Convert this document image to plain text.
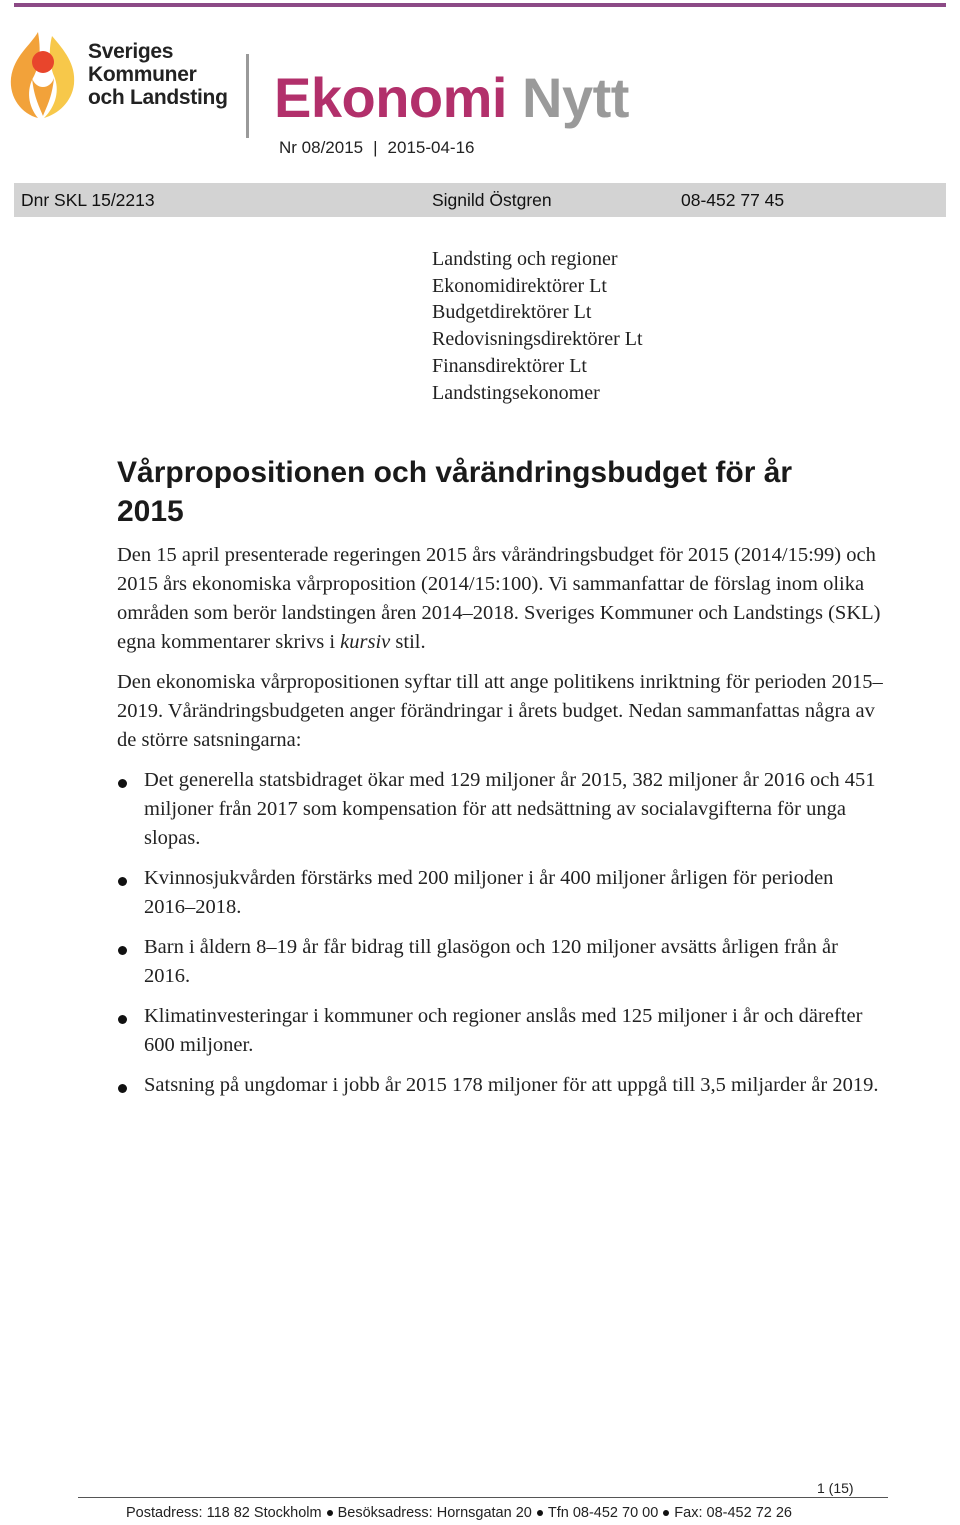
Sveriges
Kommuner
och Landsting Ekonomi Nytt
Nr 08/2015 | 2015-04-16
Dnr SKL 15/2213	Signild Östgren	08-452 77 45
Landsting och regioner
Ekonomidirektörer Lt
Budgetdirektörer Lt
Redovisningsdirektörer Lt
Finansdirektörer Lt
Landstingsekonomer
Vårpropositionen och vårändringsbudget för år 2015

Den 15 april presenterade regeringen 2015 års vårändringsbudget för 2015 (2014/15:99) och 2015 års ekonomiska vårproposition (2014/15:100). Vi sammanfattar de förslag inom olika områden som berör landstingen åren 2014–2018. Sveriges Kommuner och Landstings (SKL) egna kommentarer skrivs i kursiv stil.

Den ekonomiska vårpropositionen syftar till att ange politikens inriktning för perioden 2015–2019. Vårändringsbudgeten anger förändringar i årets budget. Nedan sammanfattas några av de större satsningarna:

Det generella statsbidraget ökar med 129 miljoner år 2015, 382 miljoner år 2016 och 451 miljoner från 2017 som kompensation för att nedsättning av socialavgifterna för unga slopas.
Kvinnosjukvården förstärks med 200 miljoner i år 400 miljoner årligen för perioden 2016–2018.
Barn i åldern 8–19 år får bidrag till glasögon och 120 miljoner avsätts årligen från år 2016.
Klimatinvesteringar i kommuner och regioner anslås med 125 miljoner i år och därefter 600 miljoner.
Satsning på ungdomar i jobb år 2015 178 miljoner för att uppgå till 3,5 miljarder år 2019.
1 (15)
Postadress: 118 82 Stockholm Besöksadress: Hornsgatan 20 Tfn 08-452 70 00 Fax: 08-452 72 26
